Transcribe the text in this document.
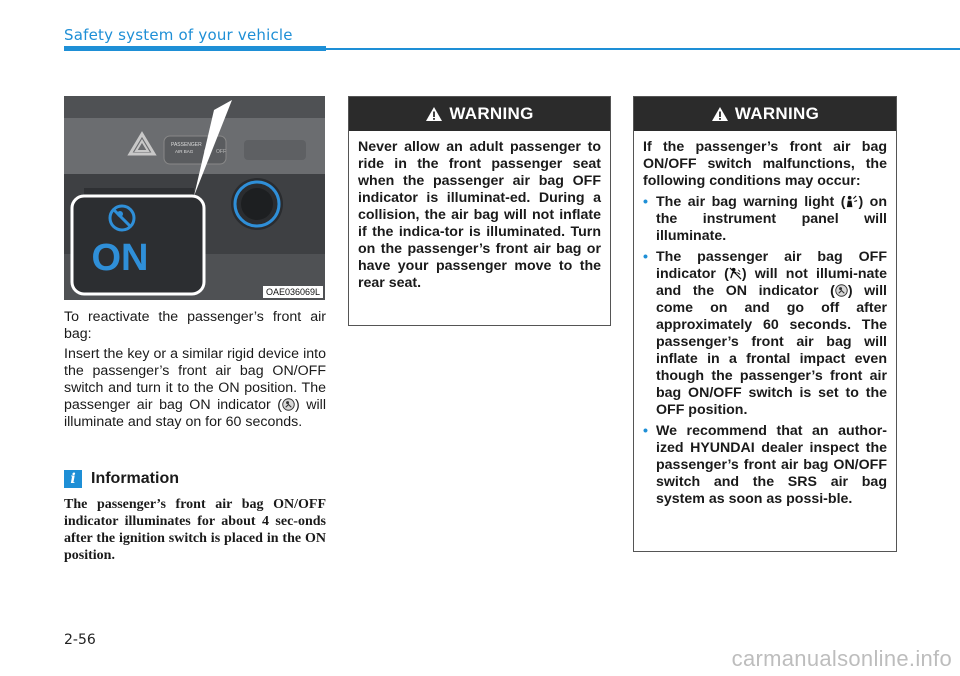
Safety system of your vehicle
PASSENGER
AIR BAG	OFF
ON
OAE036069L

To reactivate the passenger’s front air bag:

Insert the key or a similar rigid device into the passenger’s front air bag ON/OFF switch and turn it to the ON position. The passenger air bag ON indicator ( ) will illuminate and stay on for 60 seconds.

i Information
The passenger’s front air bag ON/OFF indicator illuminates for about 4 sec-onds after the ignition switch is placed in the ON position.
WARNING

Never allow an adult passenger to ride in the front passenger seat when the passenger air bag OFF indicator is illuminat-ed. During a collision, the air bag will not inflate if the indica-tor is illuminated. Turn on the passenger’s front air bag or have your passenger move to the rear seat.

WARNING

If the passenger’s front air bag ON/OFF switch malfunctions, the following conditions may occur:

• The air bag warning light ( ) on the instrument panel will illuminate.
• The passenger air bag OFF indicator ( ) will not illumi-nate and the ON indicator ( ) will come on and go off after approximately 60 seconds. The passenger’s front air bag will inflate in a frontal impact even though the passenger’s front air bag ON/OFF switch is set to the OFF position.
• We recommend that an author-ized HYUNDAI dealer inspect the passenger’s front air bag ON/OFF switch and the SRS air bag system as soon as possi-ble.
2-56
carmanualsonline.info
